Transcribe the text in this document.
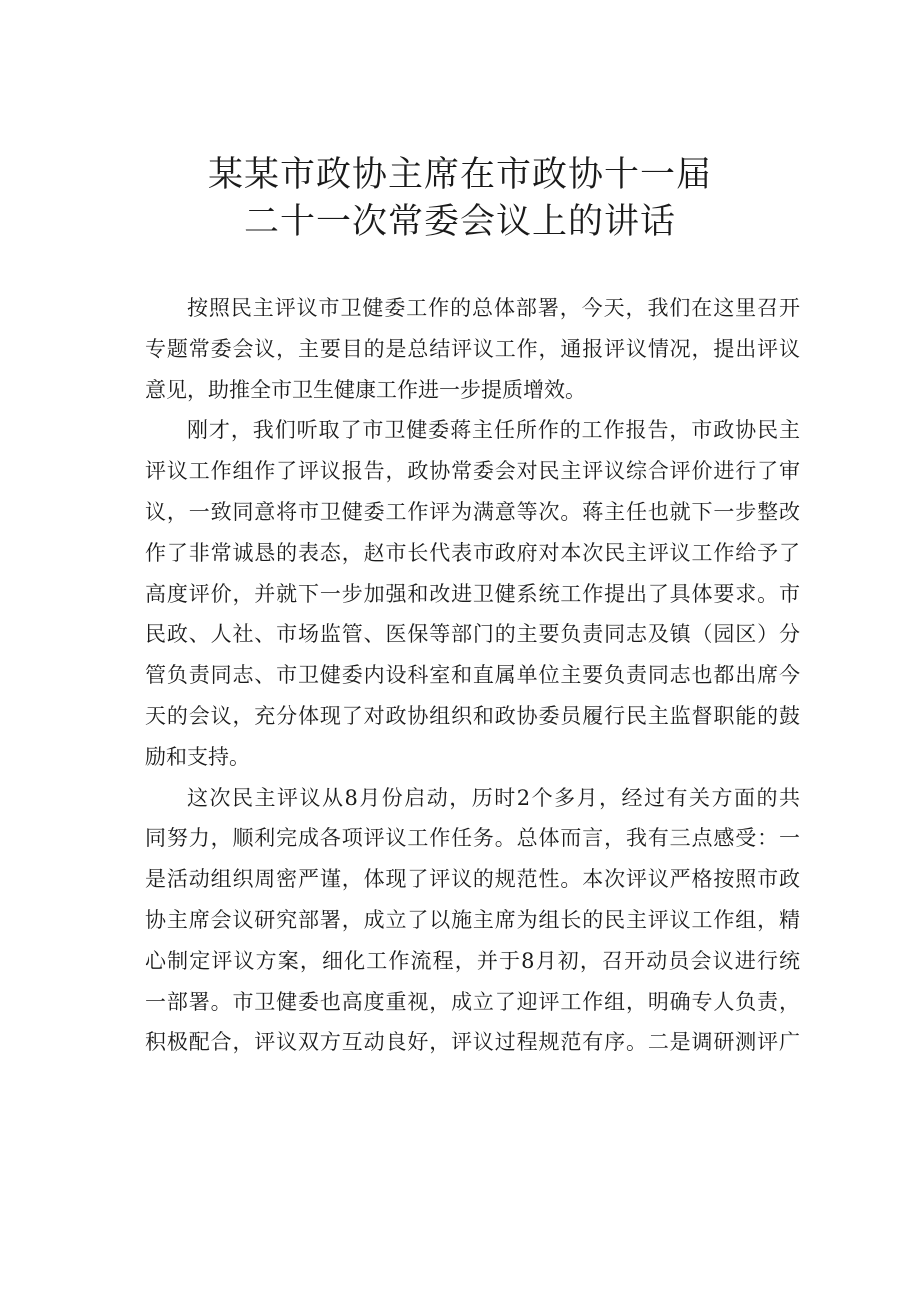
某某市政协主席在市政协十一届
二十一次常委会议上的讲话
按照民主评议市卫健委工作的总体部署，今天，我们在这里召开
专题常委会议，主要目的是总结评议工作，通报评议情况，提出评议
意见，助推全市卫生健康工作进一步提质增效。
刚才，我们听取了市卫健委蒋主任所作的工作报告，市政协民主
评议工作组作了评议报告，政协常委会对民主评议综合评价进行了审
议，一致同意将市卫健委工作评为满意等次。蒋主任也就下一步整改
作了非常诚恳的表态，赵市长代表市政府对本次民主评议工作给予了
高度评价，并就下一步加强和改进卫健系统工作提出了具体要求。市
民政、人社、市场监管、医保等部门的主要负责同志及镇（园区）分
管负责同志、市卫健委内设科室和直属单位主要负责同志也都出席今
天的会议，充分体现了对政协组织和政协委员履行民主监督职能的鼓
励和支持。
这次民主评议从8月份启动，历时2个多月，经过有关方面的共
同努力，顺利完成各项评议工作任务。总体而言，我有三点感受：一
是活动组织周密严谨，体现了评议的规范性。本次评议严格按照市政
协主席会议研究部署，成立了以施主席为组长的民主评议工作组，精
心制定评议方案，细化工作流程，并于8月初，召开动员会议进行统
一部署。市卫健委也高度重视，成立了迎评工作组，明确专人负责，
积极配合，评议双方互动良好，评议过程规范有序。二是调研测评广
